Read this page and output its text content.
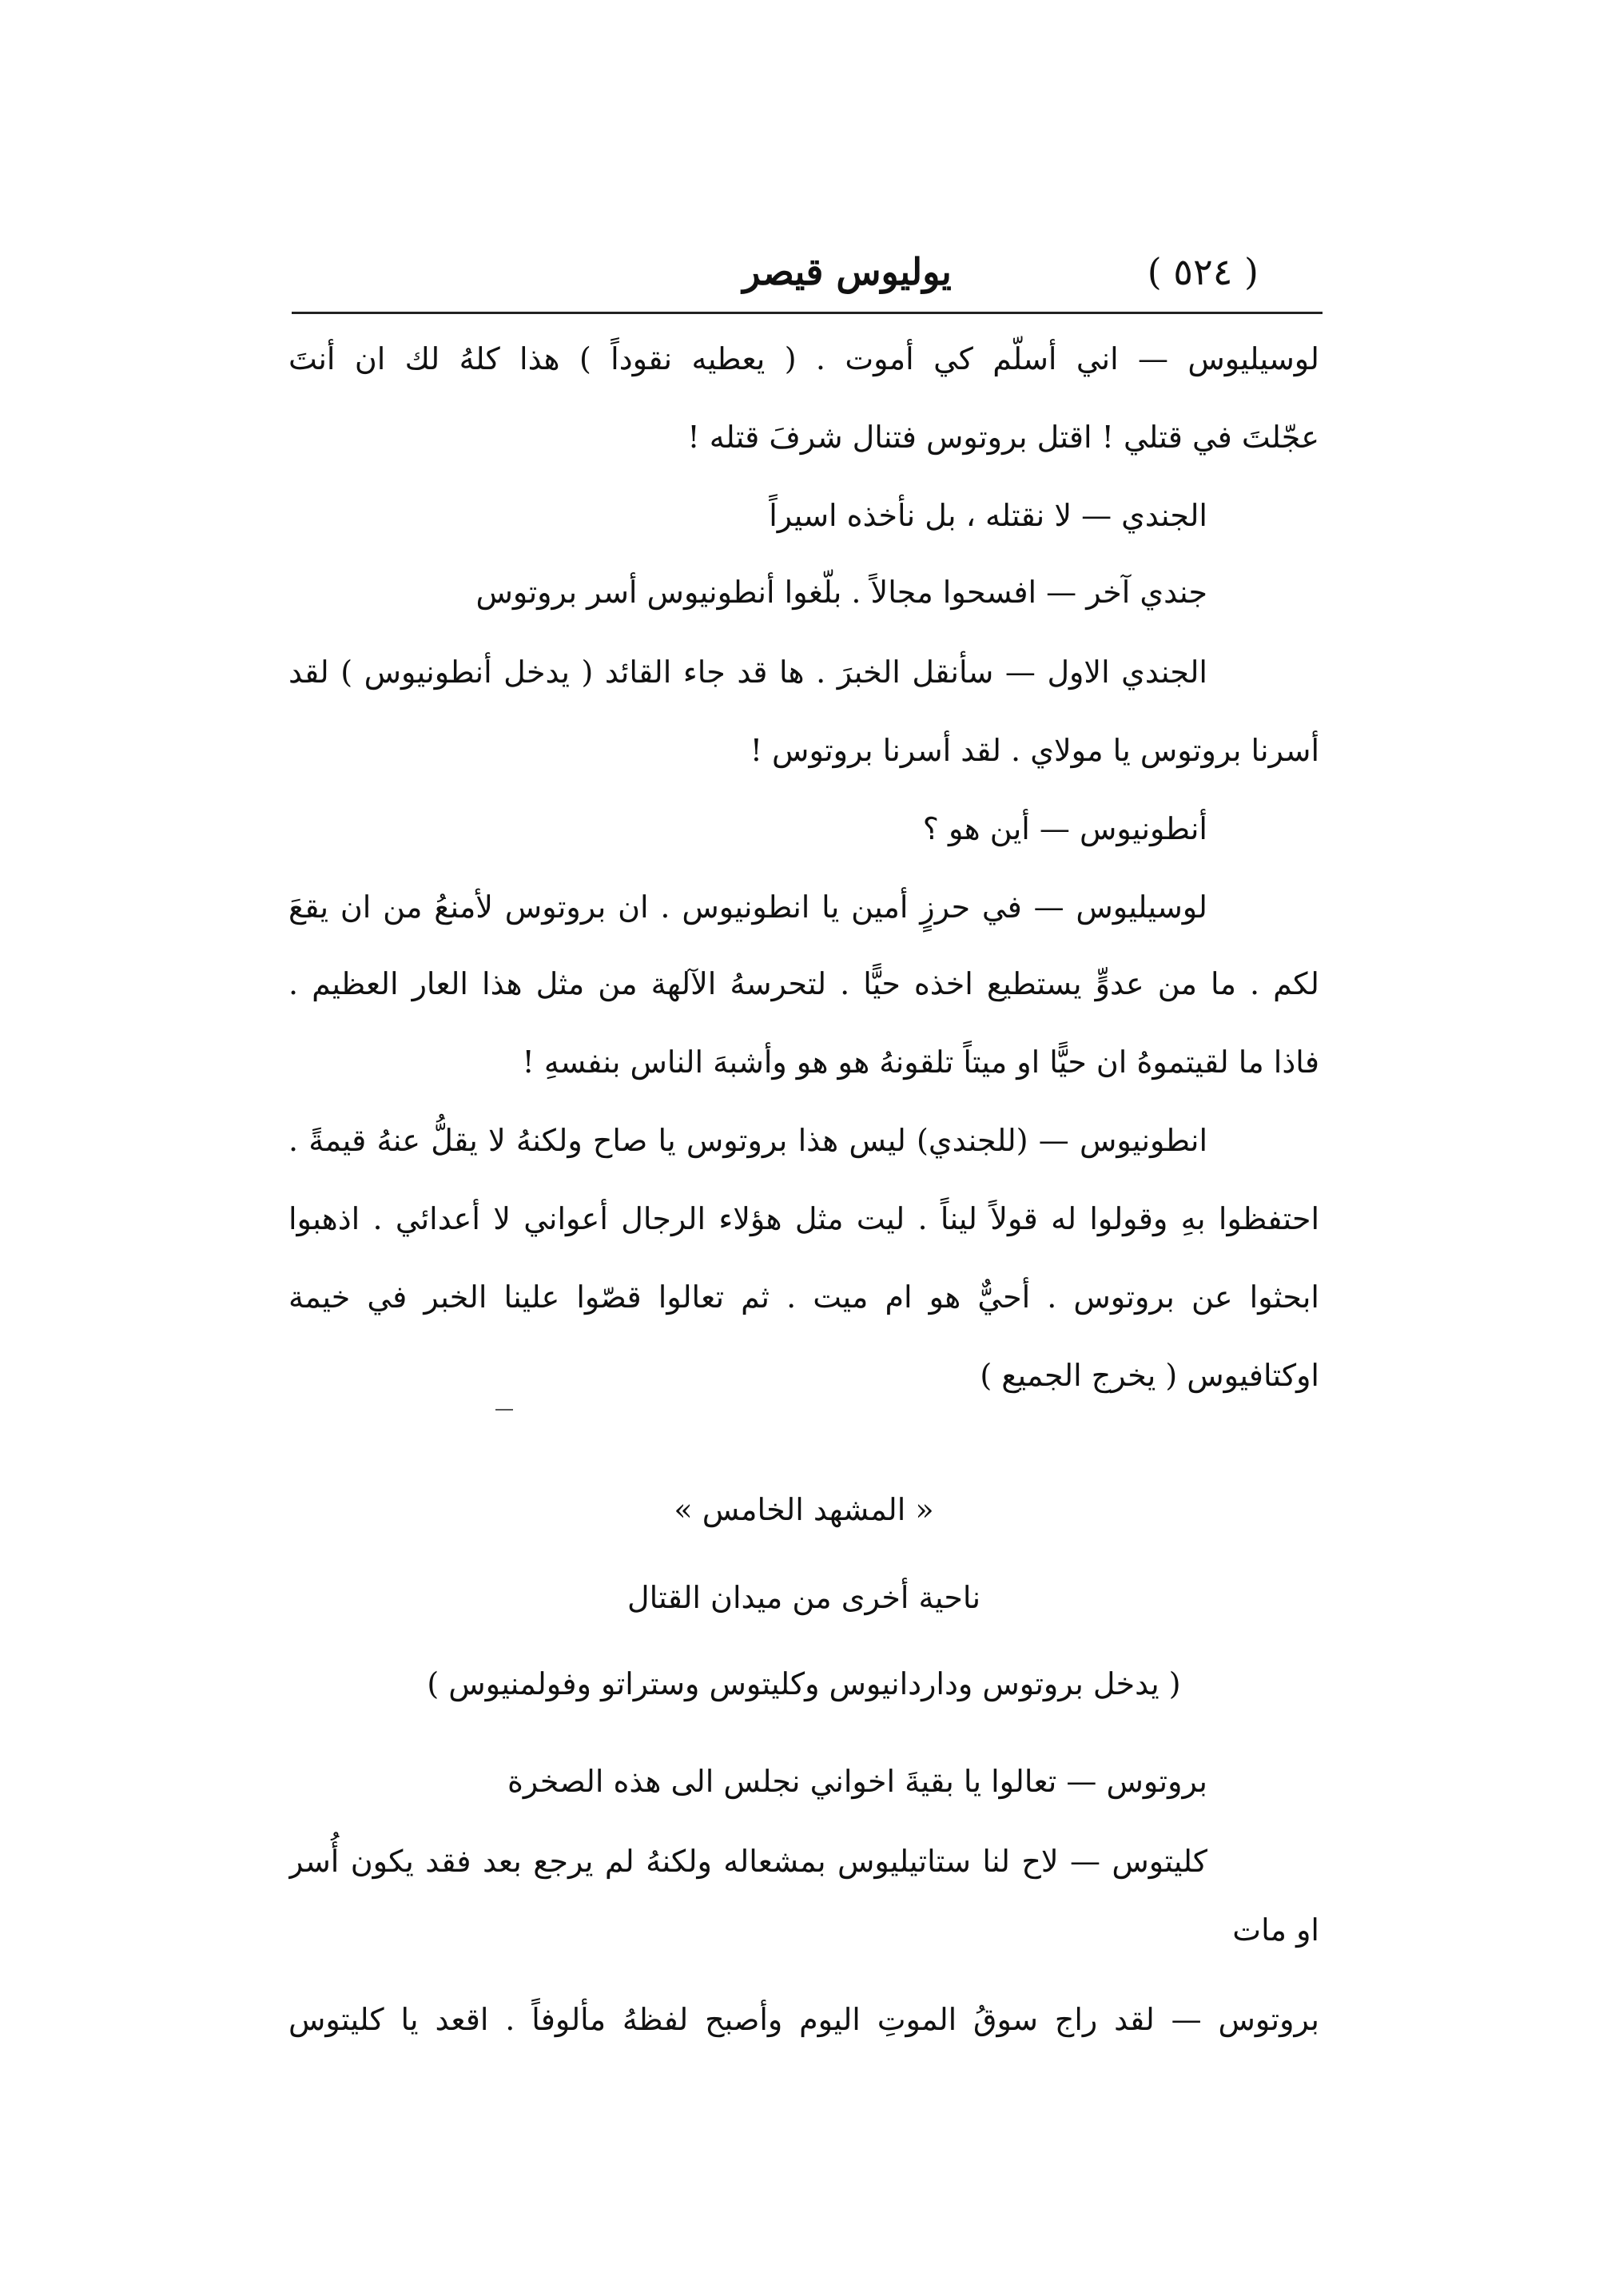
يوليوس قيصر	( ٥٢٤ )
لوسيليوس — اني أسلّم كي أموت . ( يعطيه نقوداً ) هذا كلهُ لك ان أنتَ
عجّلتَ في قتلي ! اقتل بروتوس فتنال شرفَ قتله !
الجندي — لا نقتله ، بل نأخذه اسيراً
جندي آخر — افسحوا مجالاً . بلّغوا أنطونيوس أسر بروتوس
الجندي الاول — سأنقل الخبرَ . ها قد جاء القائد ( يدخل أنطونيوس ) لقد
أسرنا بروتوس يا مولاي . لقد أسرنا بروتوس !
أنطونيوس — أين هو ؟
لوسيليوس — في حرزٍ أمين يا انطونيوس . ان بروتوس لأمنعُ من ان يقعَ
لكم . ما من عدوٍّ يستطيع اخذه حيًّا . لتحرسهُ الآلهة من مثل هذا العار العظيم .
فاذا ما لقيتموهُ ان حيًّا او ميتاً تلقونهُ هو هو وأشبهَ الناس بنفسهِ !
انطونيوس — (للجندي) ليس هذا بروتوس يا صاح ولكنهُ لا يقلُّ عنهُ قيمةً .
احتفظوا بهِ وقولوا له قولاً ليناً . ليت مثل هؤلاء الرجال أعواني لا أعدائي . اذهبوا
ابحثوا عن بروتوس . أحيٌّ هو ام ميت . ثم تعالوا قصّوا علينا الخبر في خيمة
اوكتافيوس ( يخرج الجميع )
« المشهد الخامس »
ناحية أخرى من ميدان القتال
( يدخل بروتوس وداردانيوس وكليتوس وستراتو وفولمنيوس )
بروتوس — تعالوا يا بقيةَ اخواني نجلس الى هذه الصخرة
كليتوس — لاح لنا ستاتيليوس بمشعاله ولكنهُ لم يرجع بعد فقد يكون أُسر
او مات
بروتوس — لقد راج سوقُ الموتِ اليوم وأصبح لفظهُ مألوفاً . اقعد يا كليتوس
